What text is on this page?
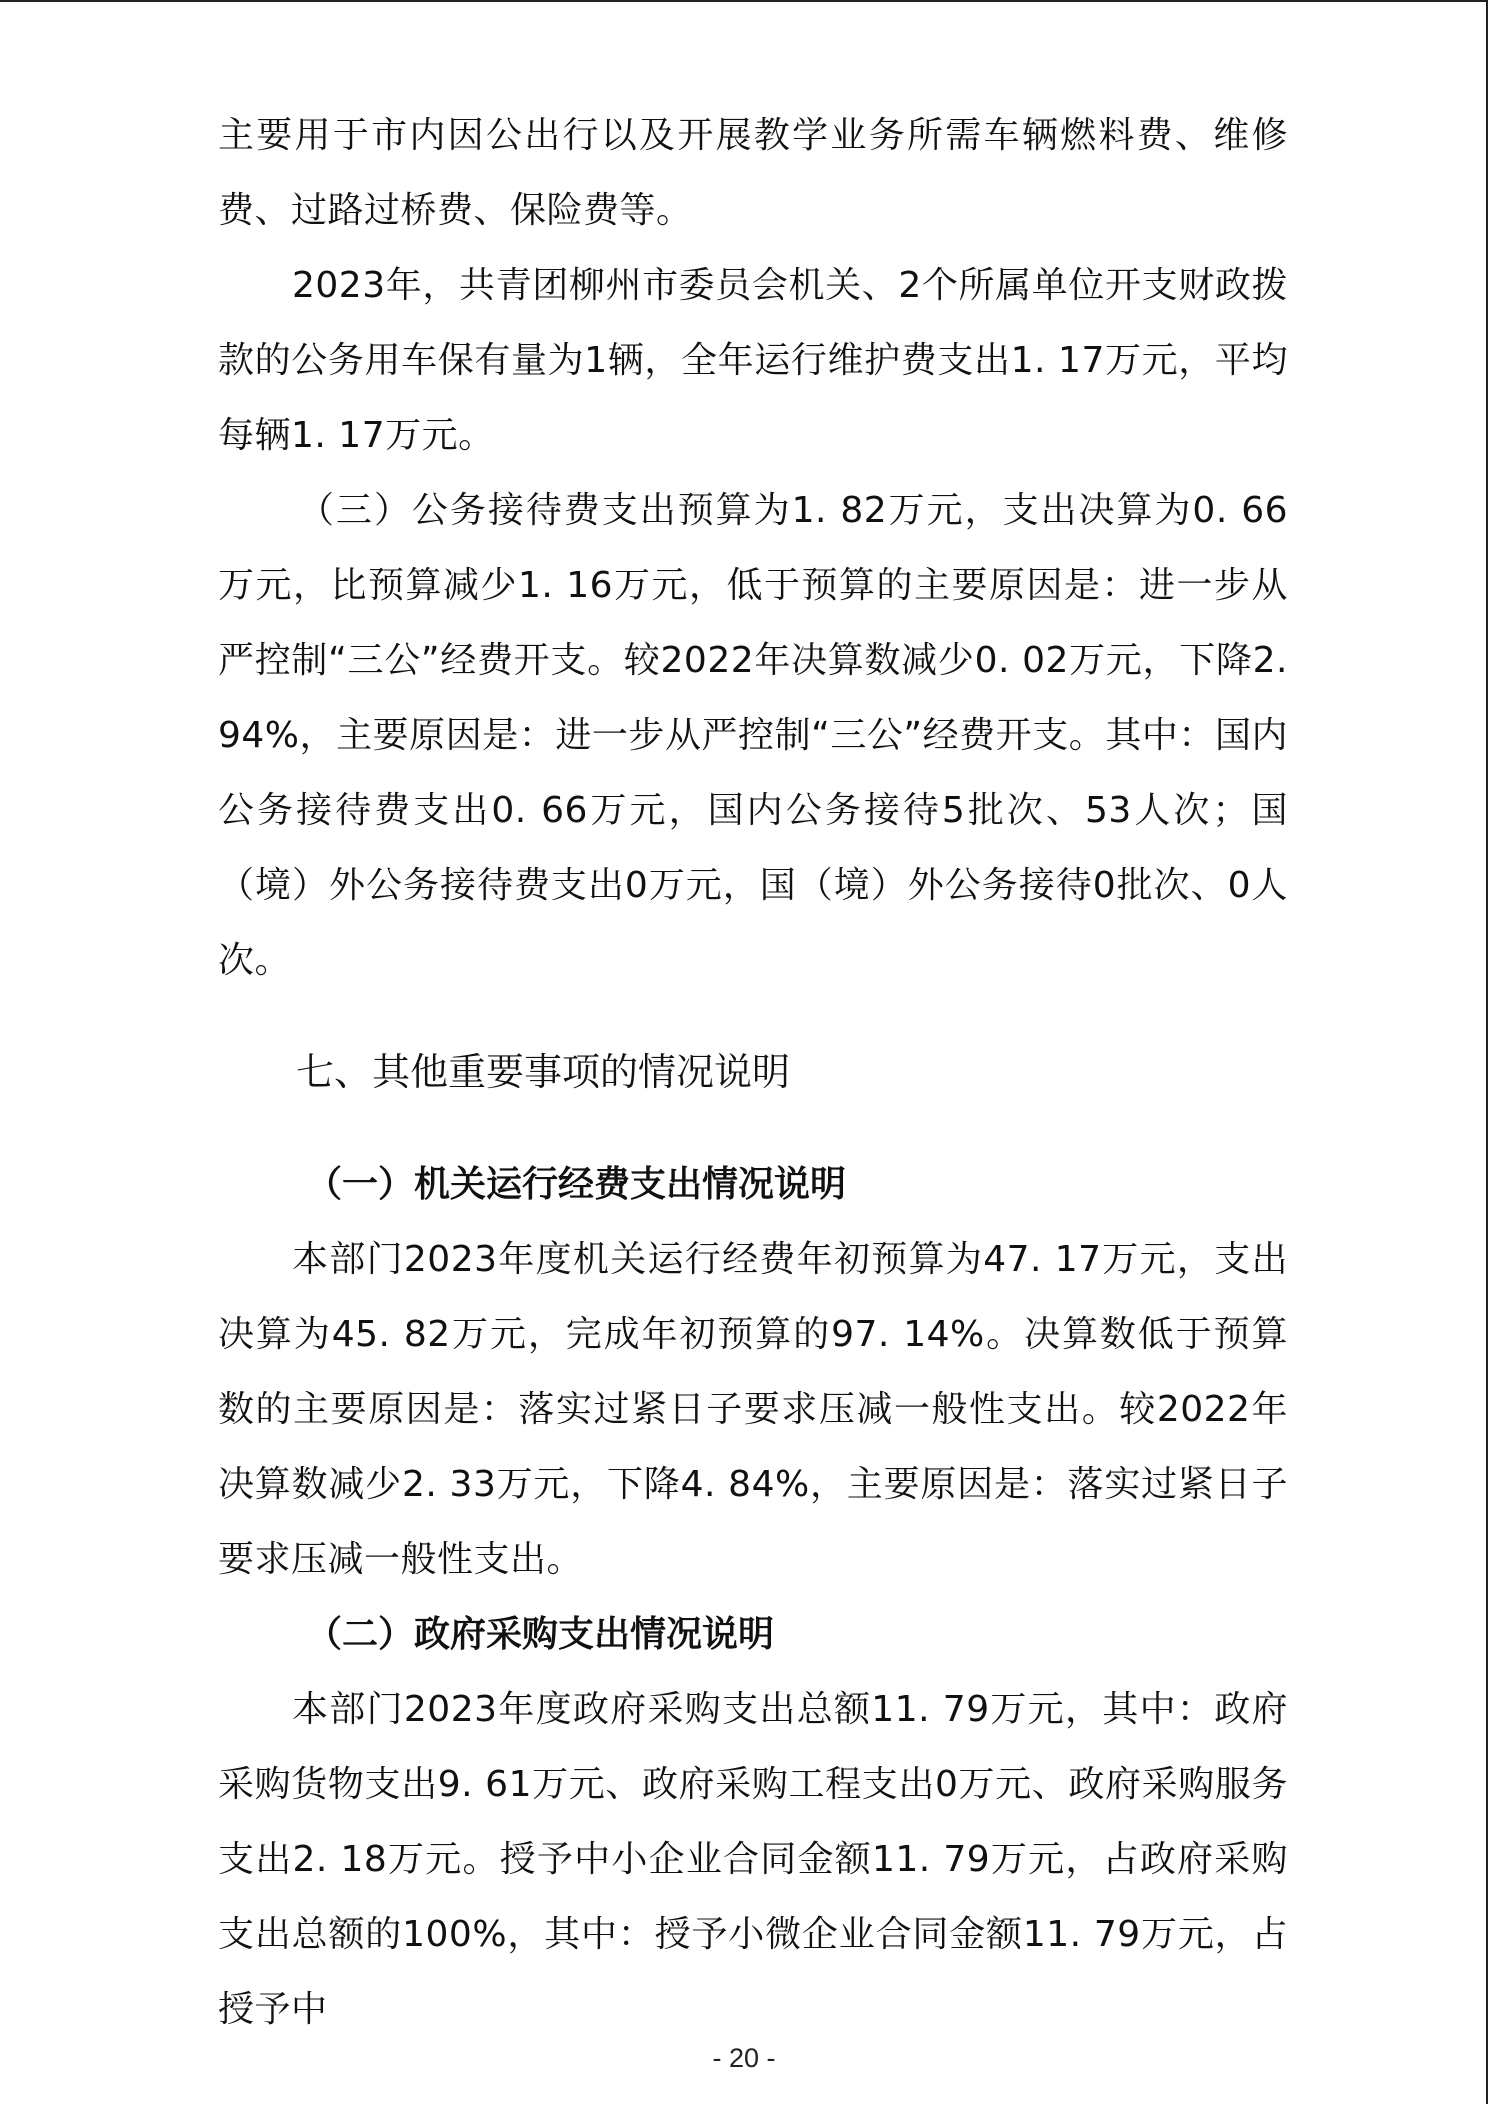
主要用于市内因公出行以及开展教学业务所需车辆燃料费、维修费、过路过桥费、保险费等。

2023年，共青团柳州市委员会机关、2个所属单位开支财政拨款的公务用车保有量为1辆，全年运行维护费支出1. 17万元，平均每辆1. 17万元。

（三）公务接待费支出预算为1. 82万元，支出决算为0. 66万元，比预算减少1. 16万元，低于预算的主要原因是：进一步从严控制“三公”经费开支。较2022年决算数减少0. 02万元，下降2. 94%，主要原因是：进一步从严控制“三公”经费开支。其中：国内公务接待费支出0. 66万元，国内公务接待5批次、53人次；国（境）外公务接待费支出0万元，国（境）外公务接待0批次、0人次。

七、其他重要事项的情况说明
（一）机关运行经费支出情况说明

本部门2023年度机关运行经费年初预算为47. 17万元，支出决算为45. 82万元，完成年初预算的97. 14%。决算数低于预算数的主要原因是：落实过紧日子要求压减一般性支出。较2022年决算数减少2. 33万元，下降4. 84%，主要原因是：落实过紧日子要求压减一般性支出。

（二）政府采购支出情况说明

本部门2023年度政府采购支出总额11. 79万元，其中：政府采购货物支出9. 61万元、政府采购工程支出0万元、政府采购服务支出2. 18万元。授予中小企业合同金额11. 79万元，占政府采购支出总额的100%，其中：授予小微企业合同金额11. 79万元，占授予中

- 20 -
